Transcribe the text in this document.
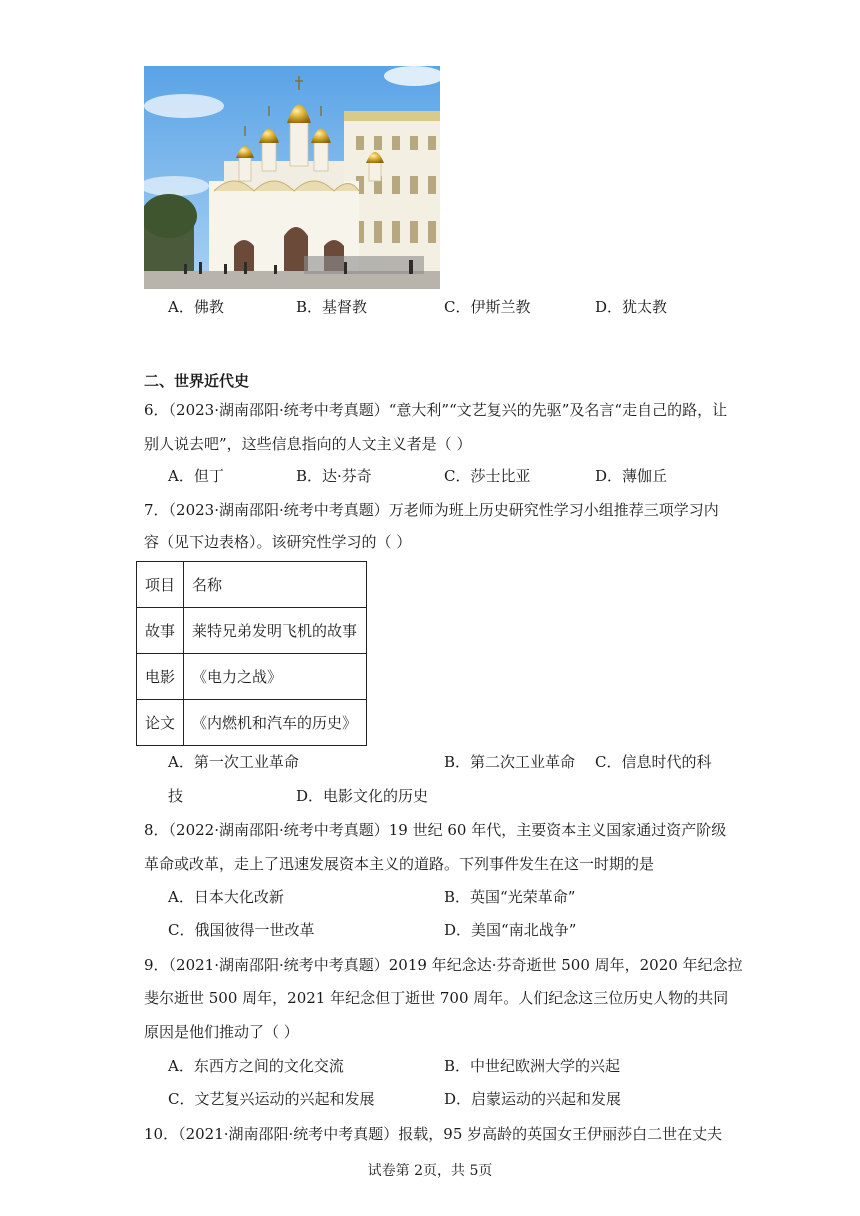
A．佛教	B．基督教	C．伊斯兰教	D．犹太教
二、世界近代史
6．（2023·湖南邵阳·统考中考真题）“意大利”“文艺复兴的先驱”及名言“走自己的路，让
别人说去吧”，这些信息指向的人文主义者是（ ）
A．但丁	B．达·芬奇	C．莎士比亚	D．薄伽丘
7．（2023·湖南邵阳·统考中考真题）万老师为班上历史研究性学习小组推荐三项学习内
容（见下边表格）。该研究性学习的（ ）
项目	名称
故事	莱特兄弟发明飞机的故事
电影	《电力之战》
论文	《内燃机和汽车的历史》
A．第一次工业革命	B．第二次工业革命 C．信息时代的科
技	D．电影文化的历史
8．（2022·湖南邵阳·统考中考真题）19 世纪 60 年代，主要资本主义国家通过资产阶级
革命或改革，走上了迅速发展资本主义的道路。下列事件发生在这一时期的是
A．日本大化改新	B．英国“光荣革命”
C．俄国彼得一世改革	D．美国“南北战争”
9．（2021·湖南邵阳·统考中考真题）2019 年纪念达·芬奇逝世 500 周年，2020 年纪念拉
斐尔逝世 500 周年，2021 年纪念但丁逝世 700 周年。人们纪念这三位历史人物的共同
原因是他们推动了（ ）
A．东西方之间的文化交流	B．中世纪欧洲大学的兴起
C．文艺复兴运动的兴起和发展	D．启蒙运动的兴起和发展
10．（2021·湖南邵阳·统考中考真题）报载，95 岁高龄的英国女王伊丽莎白二世在丈夫
试卷第 2页，共 5页
